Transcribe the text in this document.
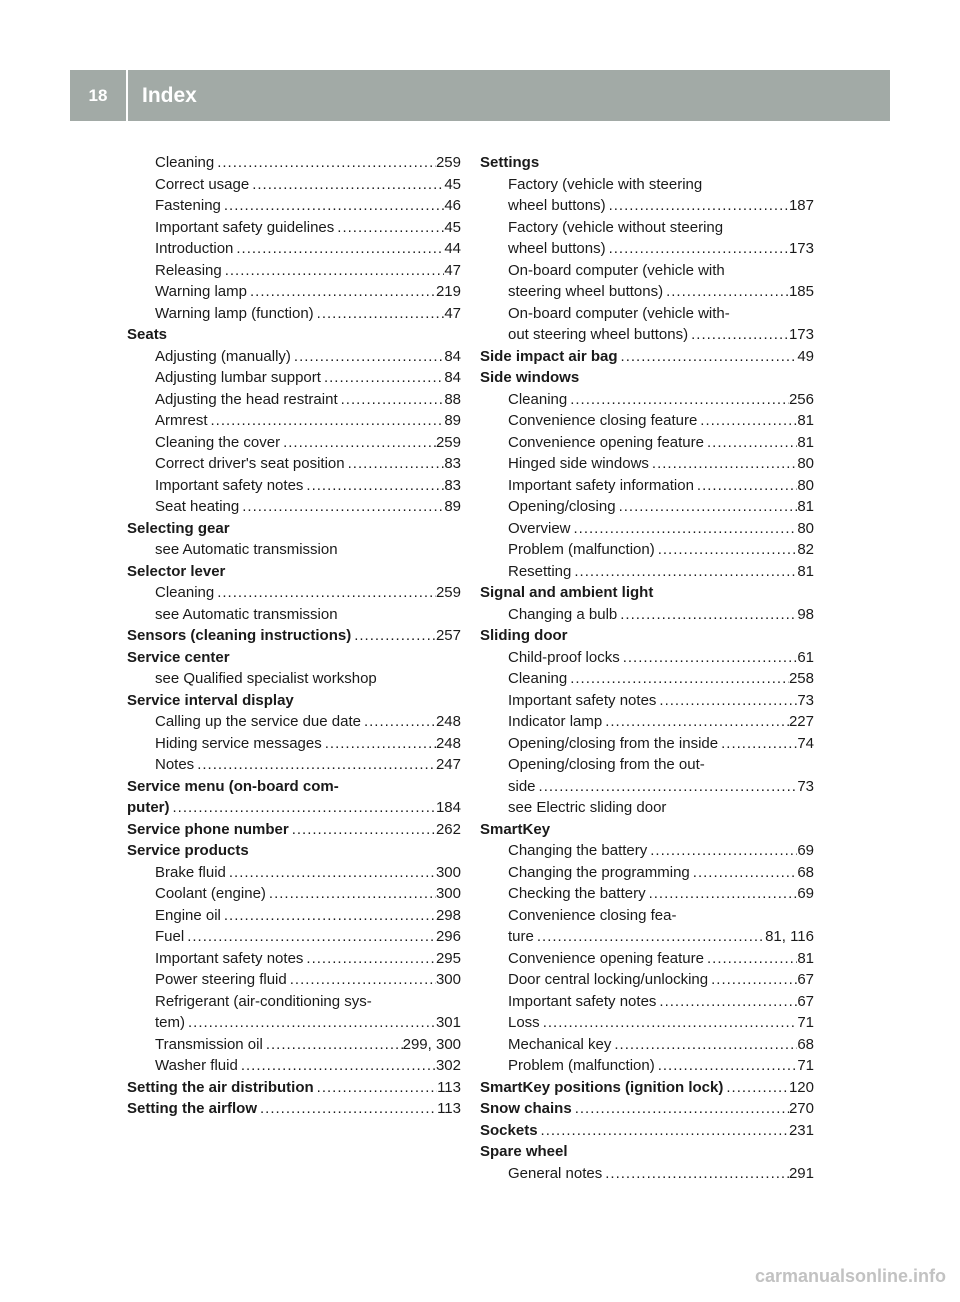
18	Index
Cleaning .....	259
Correct usage .....	45
Fastening .....	46
Important safety guidelines .....	45
Introduction .....	44
Releasing .....	47
Warning lamp .....	219
Warning lamp (function) .....	47
Seats
Adjusting (manually) .....	84
Adjusting lumbar support .....	84
Adjusting the head restraint .....	88
Armrest .....	89
Cleaning the cover .....	259
Correct driver's seat position .....	83
Important safety notes .....	83
Seat heating .....	89
Selecting gear
see Automatic transmission
Selector lever
Cleaning .....	259
see Automatic transmission
Sensors (cleaning instructions) .....	257
Service center
see Qualified specialist workshop
Service interval display
Calling up the service due date .....	248
Hiding service messages .....	248
Notes .....	247
Service menu (on-board com-
puter) .....	184
Service phone number .....	262
Service products
Brake fluid .....	300
Coolant (engine) .....	300
Engine oil .....	298
Fuel .....	296
Important safety notes .....	295
Power steering fluid .....	300
Refrigerant (air-conditioning sys-
tem) .....	301
Transmission oil .....	299, 300
Washer fluid .....	302
Setting the air distribution .....	113
Setting the airflow .....	113
Settings
Factory (vehicle with steering
wheel buttons) .....	187
Factory (vehicle without steering
wheel buttons) .....	173
On-board computer (vehicle with
steering wheel buttons) .....	185
On-board computer (vehicle with-
out steering wheel buttons) .....	173
Side impact air bag .....	49
Side windows
Cleaning .....	256
Convenience closing feature .....	81
Convenience opening feature .....	81
Hinged side windows .....	80
Important safety information .....	80
Opening/closing .....	81
Overview .....	80
Problem (malfunction) .....	82
Resetting .....	81
Signal and ambient light
Changing a bulb .....	98
Sliding door
Child-proof locks .....	61
Cleaning .....	258
Important safety notes .....	73
Indicator lamp .....	227
Opening/closing from the inside .....	74
Opening/closing from the out-
side .....	73
see Electric sliding door
SmartKey
Changing the battery .....	69
Changing the programming .....	68
Checking the battery .....	69
Convenience closing fea-
ture .....	81, 116
Convenience opening feature .....	81
Door central locking/unlocking .....	67
Important safety notes .....	67
Loss .....	71
Mechanical key .....	68
Problem (malfunction) .....	71
SmartKey positions (ignition lock) .....	120
Snow chains .....	270
Sockets .....	231
Spare wheel
General notes .....	291
carmanualsonline.info
